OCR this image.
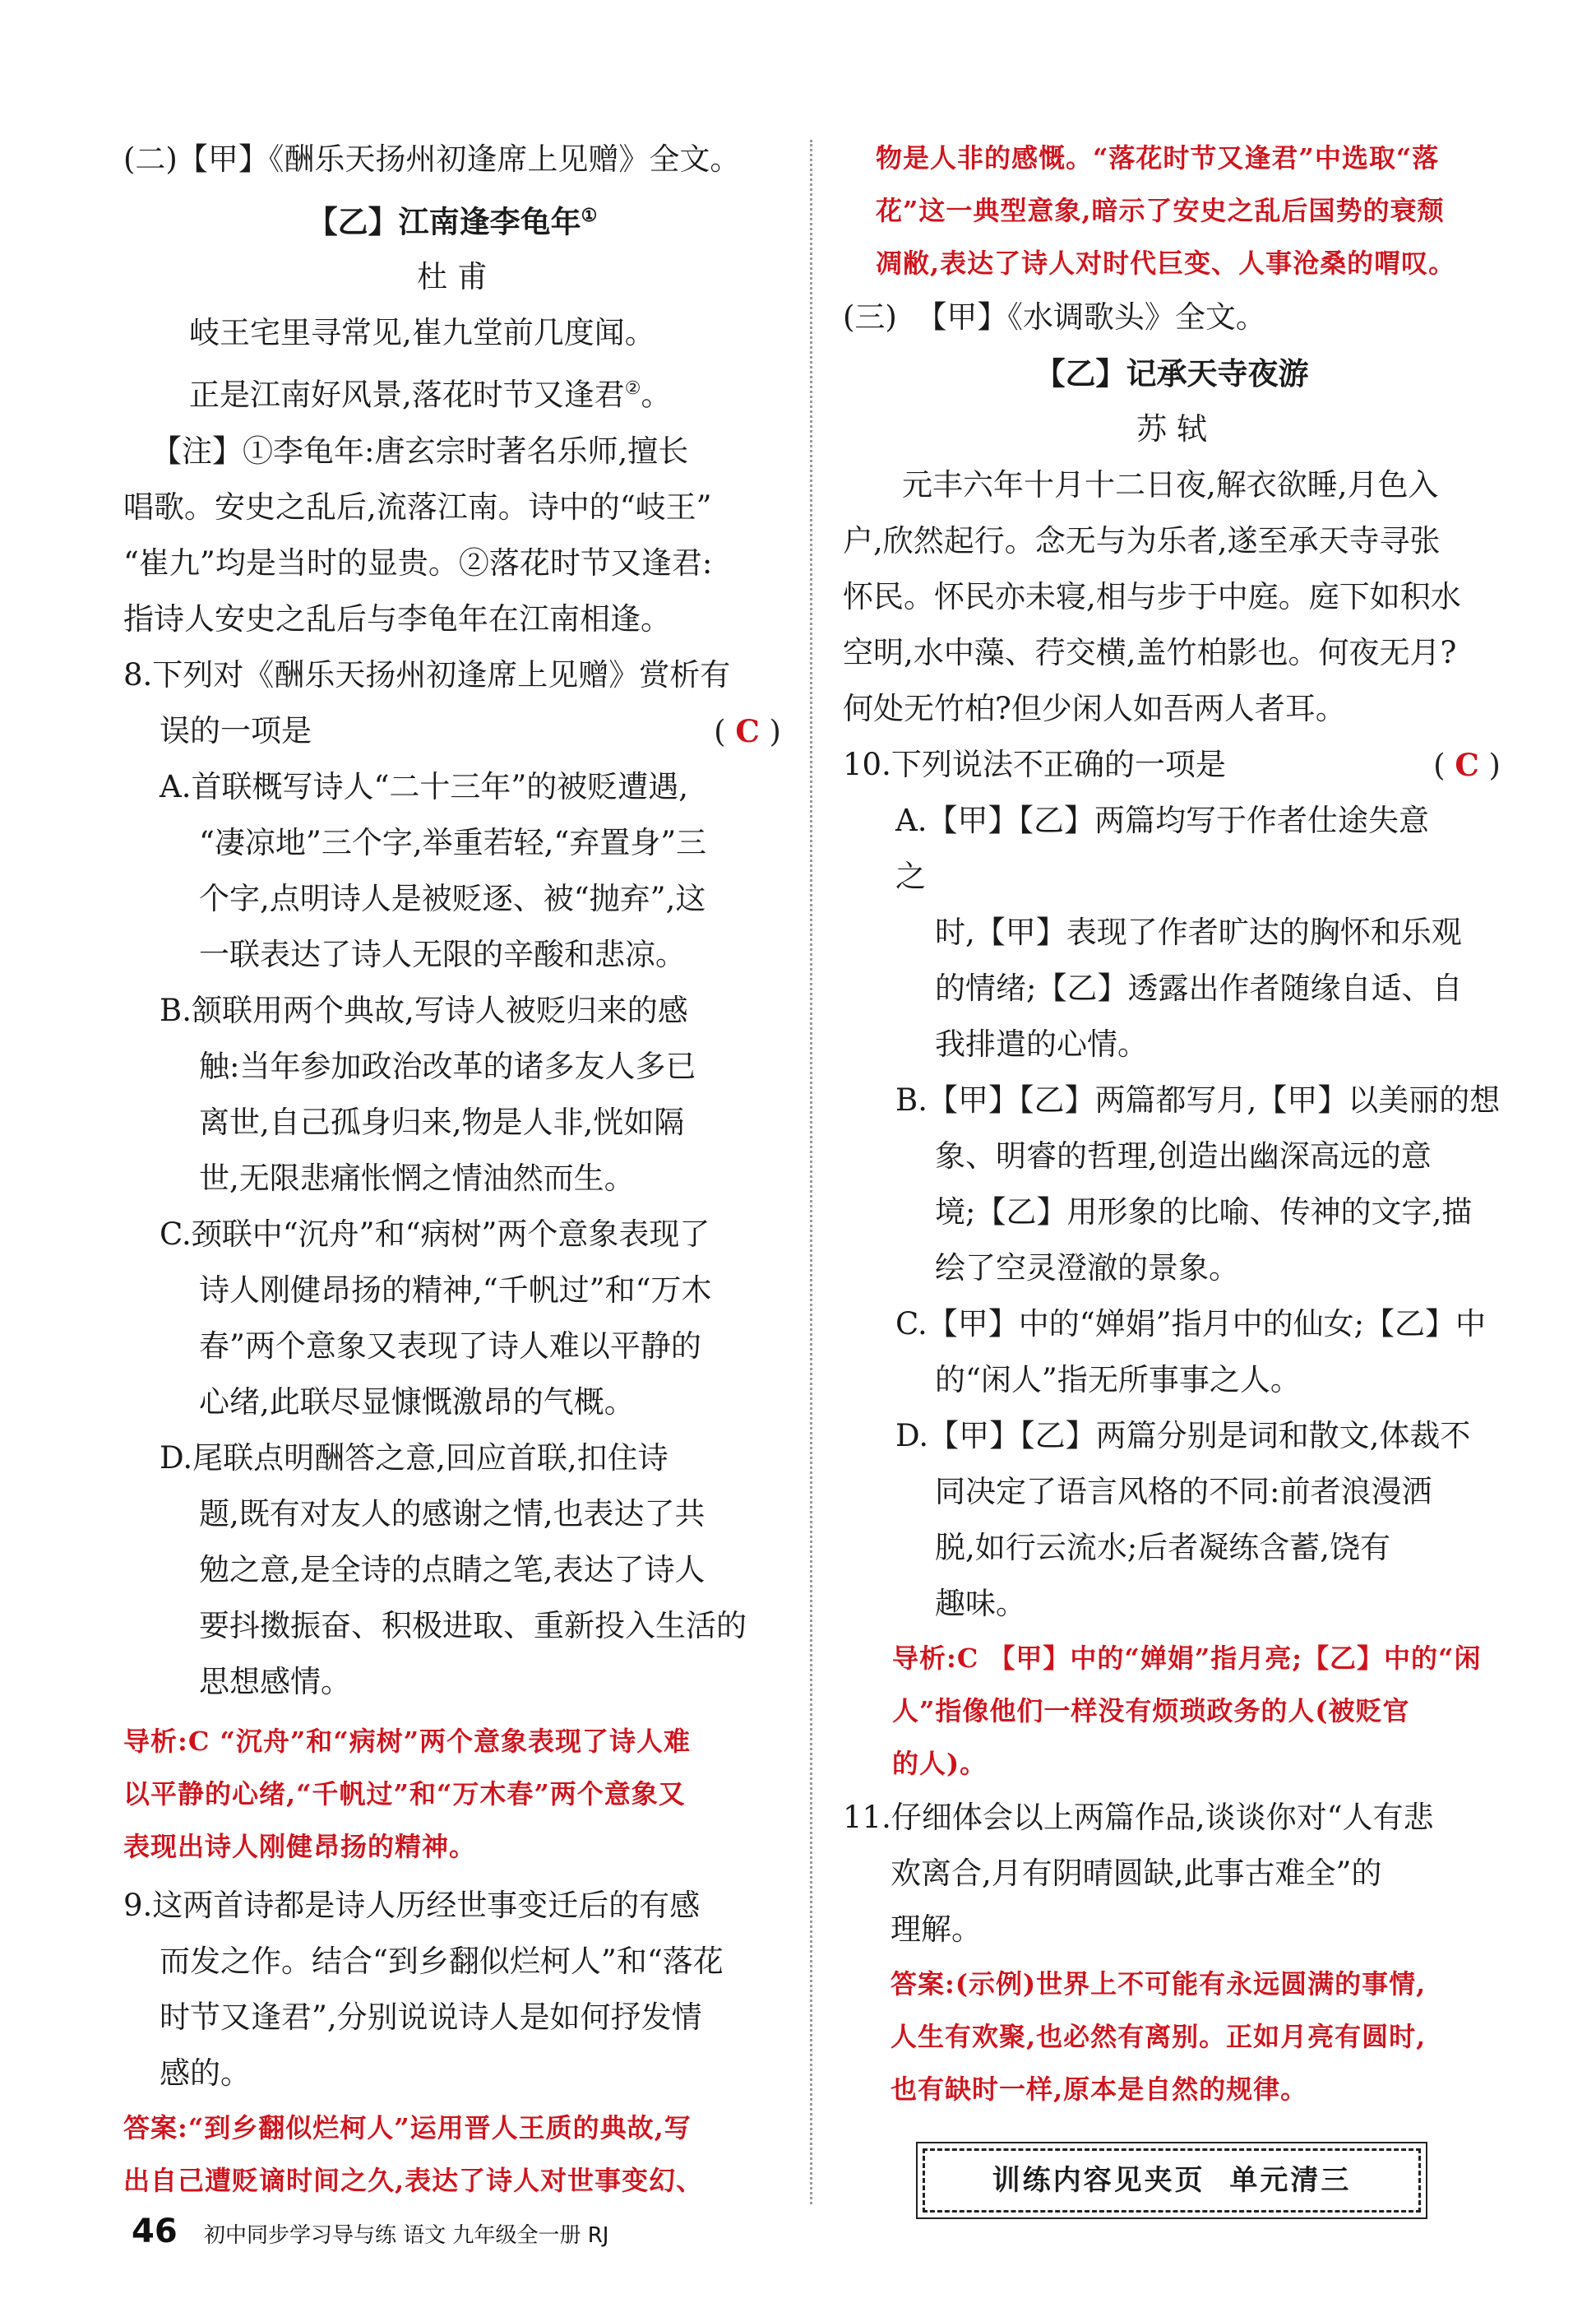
(二)【甲】《酬乐天扬州初逢席上见赠》全文。

【乙】江南逢李龟年①

杜 甫

岐王宅里寻常见,崔九堂前几度闻。

正是江南好风景,落花时节又逢君②。

【注】①李龟年:唐玄宗时著名乐师,擅长

唱歌。安史之乱后,流落江南。诗中的“岐王”

“崔九”均是当时的显贵。②落花时节又逢君:

指诗人安史之乱后与李龟年在江南相逢。

8.下列对《酬乐天扬州初逢席上见赠》赏析有

误的一项是	( C )

A.首联概写诗人“二十三年”的被贬遭遇,

“凄凉地”三个字,举重若轻,“弃置身”三

个字,点明诗人是被贬逐、被“抛弃”,这

一联表达了诗人无限的辛酸和悲凉。

B.颔联用两个典故,写诗人被贬归来的感

触:当年参加政治改革的诸多友人多已

离世,自己孤身归来,物是人非,恍如隔

世,无限悲痛怅惘之情油然而生。

C.颈联中“沉舟”和“病树”两个意象表现了

诗人刚健昂扬的精神,“千帆过”和“万木

春”两个意象又表现了诗人难以平静的

心绪,此联尽显慷慨激昂的气概。

D.尾联点明酬答之意,回应首联,扣住诗

题,既有对友人的感谢之情,也表达了共

勉之意,是全诗的点睛之笔,表达了诗人

要抖擞振奋、积极进取、重新投入生活的

思想感情。

导析:C “沉舟”和“病树”两个意象表现了诗人难

以平静的心绪,“千帆过”和“万木春”两个意象又

表现出诗人刚健昂扬的精神。

9.这两首诗都是诗人历经世事变迁后的有感

而发之作。结合“到乡翻似烂柯人”和“落花

时节又逢君”,分别说说诗人是如何抒发情

感的。

答案:“到乡翻似烂柯人”运用晋人王质的典故,写

出自己遭贬谪时间之久,表达了诗人对世事变幻、

物是人非的感慨。“落花时节又逢君”中选取“落

花”这一典型意象,暗示了安史之乱后国势的衰颓

凋敝,表达了诗人对时代巨变、人事沧桑的喟叹。

(三)  【甲】《水调歌头》全文。

【乙】记承天寺夜游

苏 轼

元丰六年十月十二日夜,解衣欲睡,月色入

户,欣然起行。念无与为乐者,遂至承天寺寻张

怀民。怀民亦未寝,相与步于中庭。庭下如积水

空明,水中藻、荇交横,盖竹柏影也。何夜无月?

何处无竹柏?但少闲人如吾两人者耳。

10.下列说法不正确的一项是	( C )

A.【甲】【乙】两篇均写于作者仕途失意之

时,【甲】表现了作者旷达的胸怀和乐观

的情绪;【乙】透露出作者随缘自适、自

我排遣的心情。

B.【甲】【乙】两篇都写月,【甲】以美丽的想

象、明睿的哲理,创造出幽深高远的意

境;【乙】用形象的比喻、传神的文字,描

绘了空灵澄澈的景象。

C.【甲】中的“婵娟”指月中的仙女;【乙】中

的“闲人”指无所事事之人。

D.【甲】【乙】两篇分别是词和散文,体裁不

同决定了语言风格的不同:前者浪漫洒

脱,如行云流水;后者凝练含蓄,饶有

趣味。

导析:C 【甲】中的“婵娟”指月亮;【乙】中的“闲

人”指像他们一样没有烦琐政务的人(被贬官

的人)。

11.仔细体会以上两篇作品,谈谈你对“人有悲

欢离合,月有阴晴圆缺,此事古难全”的

理解。

答案:(示例)世界上不可能有永远圆满的事情,

人生有欢聚,也必然有离别。正如月亮有圆时,

也有缺时一样,原本是自然的规律。

训练内容见夹页  单元清三
46 初中同步学习导与练 语文 九年级全一册 RJ
